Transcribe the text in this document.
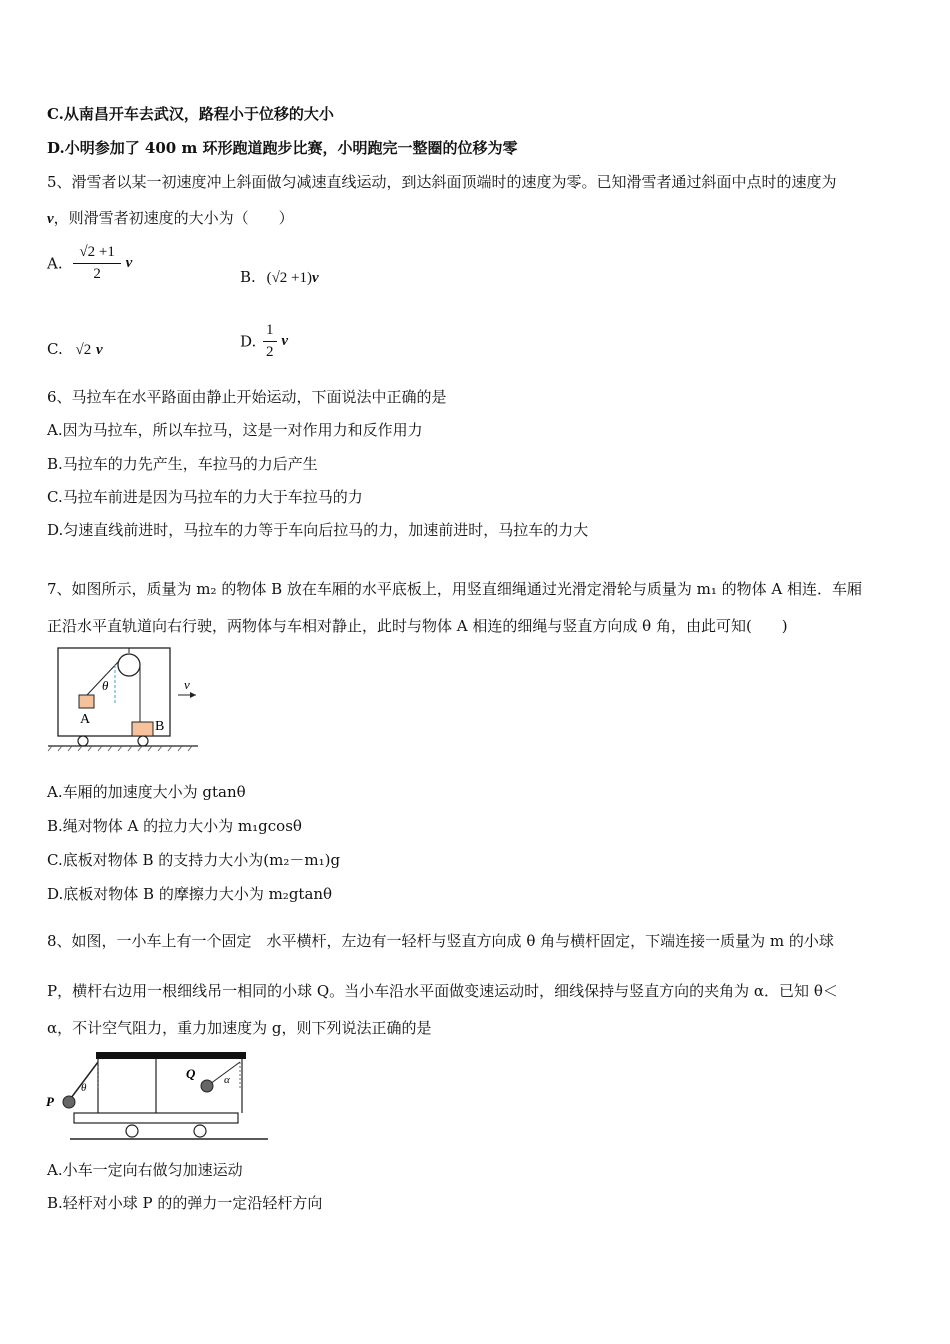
C.从南昌开车去武汉，路程小于位移的大小
D.小明参加了 400 m 环形跑道跑步比赛，小明跑完一整圈的位移为零
5、滑雪者以某一初速度冲上斜面做匀减速直线运动，到达斜面顶端时的速度为零。已知滑雪者通过斜面中点时的速度为
v，则滑雪者初速度的大小为（　　）
A. $\frac{√2 +1}{2}$ v
B. (√2 +1)v
C. √2 v	D. $\frac{1}{2}$ v
6、马拉车在水平路面由静止开始运动，下面说法中正确的是
A.因为马拉车，所以车拉马，这是一对作用力和反作用力
B.马拉车的力先产生，车拉马的力后产生
C.马拉车前进是因为马拉车的力大于车拉马的力
D.匀速直线前进时，马拉车的力等于车向后拉马的力，加速前进时，马拉车的力大
7、如图所示，质量为 m₂ 的物体 B 放在车厢的水平底板上，用竖直细绳通过光滑定滑轮与质量为 m₁ 的物体 A 相连．车厢
正沿水平直轨道向右行驶，两物体与车相对静止，此时与物体 A 相连的细绳与竖直方向成 θ 角，由此可知(　　)
θ
A	B
v
A.车厢的加速度大小为 gtanθ
B.绳对物体 A 的拉力大小为 m₁gcosθ
C.底板对物体 B 的支持力大小为(m₂－m₁)g
D.底板对物体 B 的摩擦力大小为 m₂gtanθ
8、如图，一小车上有一个固定　水平横杆，左边有一轻杆与竖直方向成 θ 角与横杆固定，下端连接一质量为 m 的小球
P，横杆右边用一根细线吊一相同的小球 Q。当小车沿水平面做变速运动时，细线保持与竖直方向的夹角为 α．已知 θ＜
α，不计空气阻力，重力加速度为 g，则下列说法正确的是
θ
P
α
Q
A.小车一定向右做匀加速运动
B.轻杆对小球 P 的的弹力一定沿轻杆方向
